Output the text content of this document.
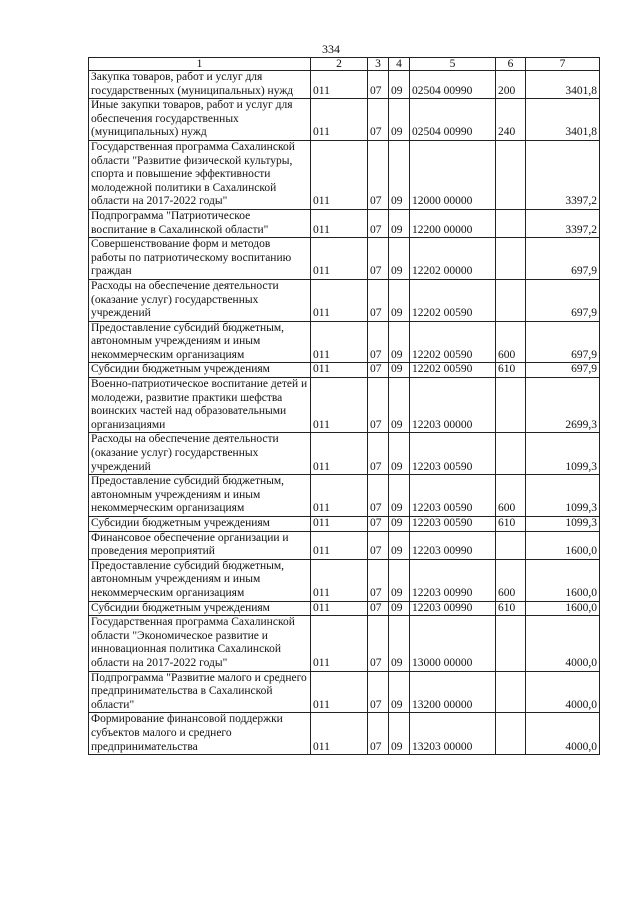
334
1	2	3	4	5	6	7
Закупка товаров, работ и услуг для государственных (муниципальных) нужд	011	07	09	02504 00990	200	3401,8
Иные закупки товаров, работ и услуг для обеспечения государственных (муниципальных) нужд	011	07	09	02504 00990	240	3401,8
Государственная программа Сахалинской области "Развитие физической культуры, спорта и повышение эффективности молодежной политики в Сахалинской области на 2017-2022 годы"	011	07	09	12000 00000		3397,2
Подпрограмма "Патриотическое воспитание в Сахалинской области"	011	07	09	12200 00000		3397,2
Совершенствование форм и методов работы по патриотическому воспитанию граждан	011	07	09	12202 00000		697,9
Расходы на обеспечение деятельности (оказание услуг) государственных учреждений	011	07	09	12202 00590		697,9
Предоставление субсидий бюджетным, автономным учреждениям и иным некоммерческим организациям	011	07	09	12202 00590	600	697,9
Субсидии бюджетным учреждениям	011	07	09	12202 00590	610	697,9
Военно-патриотическое воспитание детей и молодежи, развитие практики шефства воинских частей над образовательными организациями	011	07	09	12203 00000		2699,3
Расходы на обеспечение деятельности (оказание услуг) государственных учреждений	011	07	09	12203 00590		1099,3
Предоставление субсидий бюджетным, автономным учреждениям и иным некоммерческим организациям	011	07	09	12203 00590	600	1099,3
Субсидии бюджетным учреждениям	011	07	09	12203 00590	610	1099,3
Финансовое обеспечение организации и проведения мероприятий	011	07	09	12203 00990		1600,0
Предоставление субсидий бюджетным, автономным учреждениям и иным некоммерческим организациям	011	07	09	12203 00990	600	1600,0
Субсидии бюджетным учреждениям	011	07	09	12203 00990	610	1600,0
Государственная программа Сахалинской области "Экономическое развитие и инновационная политика Сахалинской области на 2017-2022 годы"	011	07	09	13000 00000		4000,0
Подпрограмма "Развитие малого и среднего предпринимательства в Сахалинской области"	011	07	09	13200 00000		4000,0
Формирование финансовой поддержки субъектов малого и среднего предпринимательства	011	07	09	13203 00000		4000,0
